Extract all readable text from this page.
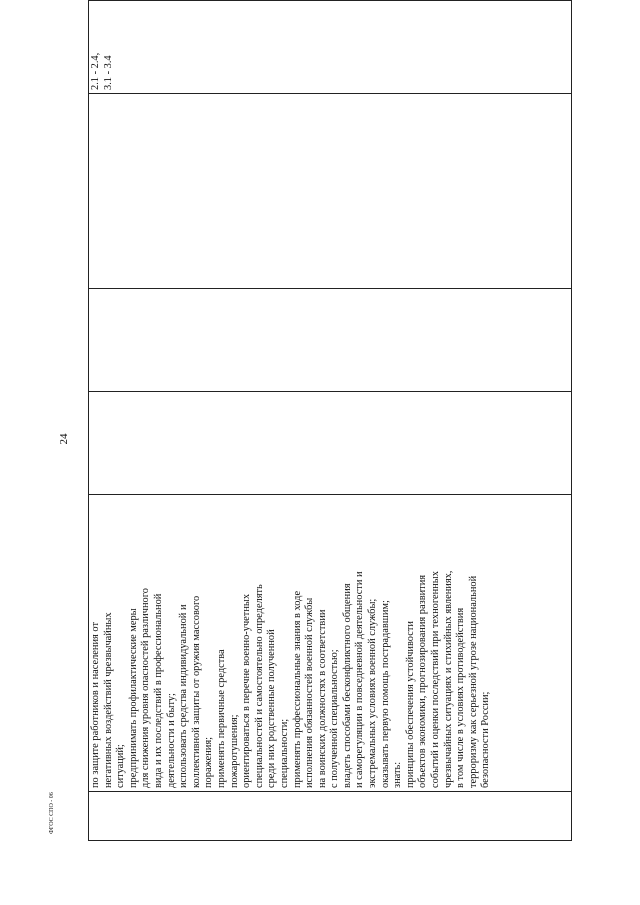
24
	по защите работников и населения от
негативных воздействий чрезвычайных
ситуаций;
предпринимать профилактические меры
для снижения уровня опасностей различного
вида и их последствий в профессиональной
деятельности и быту;
использовать средства индивидуальной и
коллективной защиты от оружия массового
поражения;
применять первичные средства
пожаротушения;
ориентироваться в перечне военно-учетных
специальностей и самостоятельно определять
среди них родственные полученной
специальности;
применять профессиональные знания в ходе
исполнения обязанностей военной службы
на воинских должностях в соответствии
с полученной специальностью;
владеть способами бесконфликтного общения
и саморегуляции в повседневной деятельности и
экстремальных условиях военной службы;
оказывать первую помощь пострадавшим;
знать:
принципы обеспечения устойчивости
объектов экономики, прогнозирования развития
событий и оценки последствий при техногенных
чрезвычайных ситуациях и стихийных явлениях,
в том числе в условиях противодействия
терроризму как серьезной угрозе национальной
безопасности России;				2.1 - 2.4,
3.1 - 3.4
ФГОС СПО - 06
